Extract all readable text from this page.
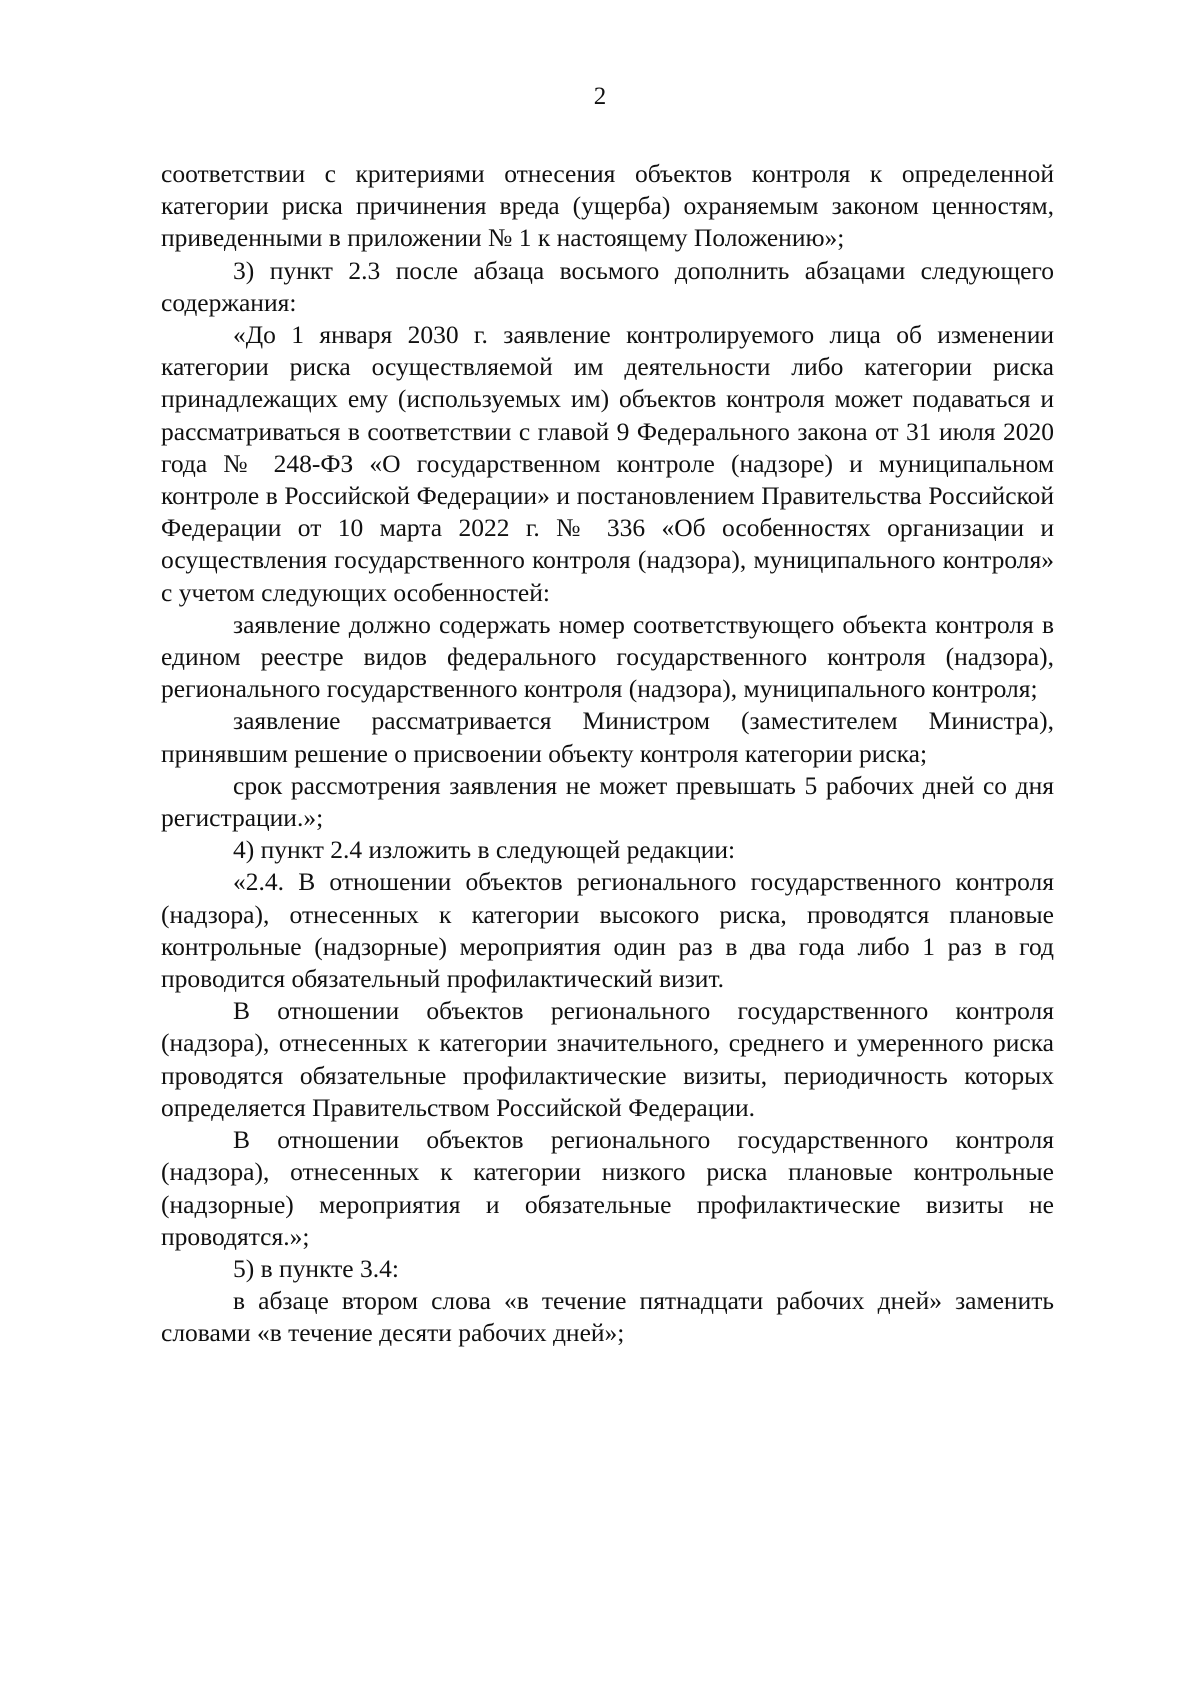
2

соответствии с критериями отнесения объектов контроля к определенной категории риска причинения вреда (ущерба) охраняемым законом ценностям, приведенными в приложении № 1 к настоящему Положению»;

3) пункт 2.3 после абзаца восьмого дополнить абзацами следующего содержания:

«До 1 января 2030 г. заявление контролируемого лица об изменении категории риска осуществляемой им деятельности либо категории риска принадлежащих ему (используемых им) объектов контроля может подаваться и рассматриваться в соответствии с главой 9 Федерального закона от 31 июля 2020 года № 248-ФЗ «О государственном контроле (надзоре) и муниципальном контроле в Российской Федерации» и постановлением Правительства Российской Федерации от 10 марта 2022 г. № 336 «Об особенностях организации и осуществления государственного контроля (надзора), муниципального контроля» с учетом следующих особенностей:

заявление должно содержать номер соответствующего объекта контроля в едином реестре видов федерального государственного контроля (надзора), регионального государственного контроля (надзора), муниципального контроля;

заявление рассматривается Министром (заместителем Министра), принявшим решение о присвоении объекту контроля категории риска;

срок рассмотрения заявления не может превышать 5 рабочих дней со дня регистрации.»;

4) пункт 2.4 изложить в следующей редакции:

«2.4. В отношении объектов регионального государственного контроля (надзора), отнесенных к категории высокого риска, проводятся плановые контрольные (надзорные) мероприятия один раз в два года либо 1 раз в год проводится обязательный профилактический визит.

В отношении объектов регионального государственного контроля (надзора), отнесенных к категории значительного, среднего и умеренного риска проводятся обязательные профилактические визиты, периодичность которых определяется Правительством Российской Федерации.

В отношении объектов регионального государственного контроля (надзора), отнесенных к категории низкого риска плановые контрольные (надзорные) мероприятия и обязательные профилактические визиты не проводятся.»;

5) в пункте 3.4:

в абзаце втором слова «в течение пятнадцати рабочих дней» заменить словами «в течение десяти рабочих дней»;
